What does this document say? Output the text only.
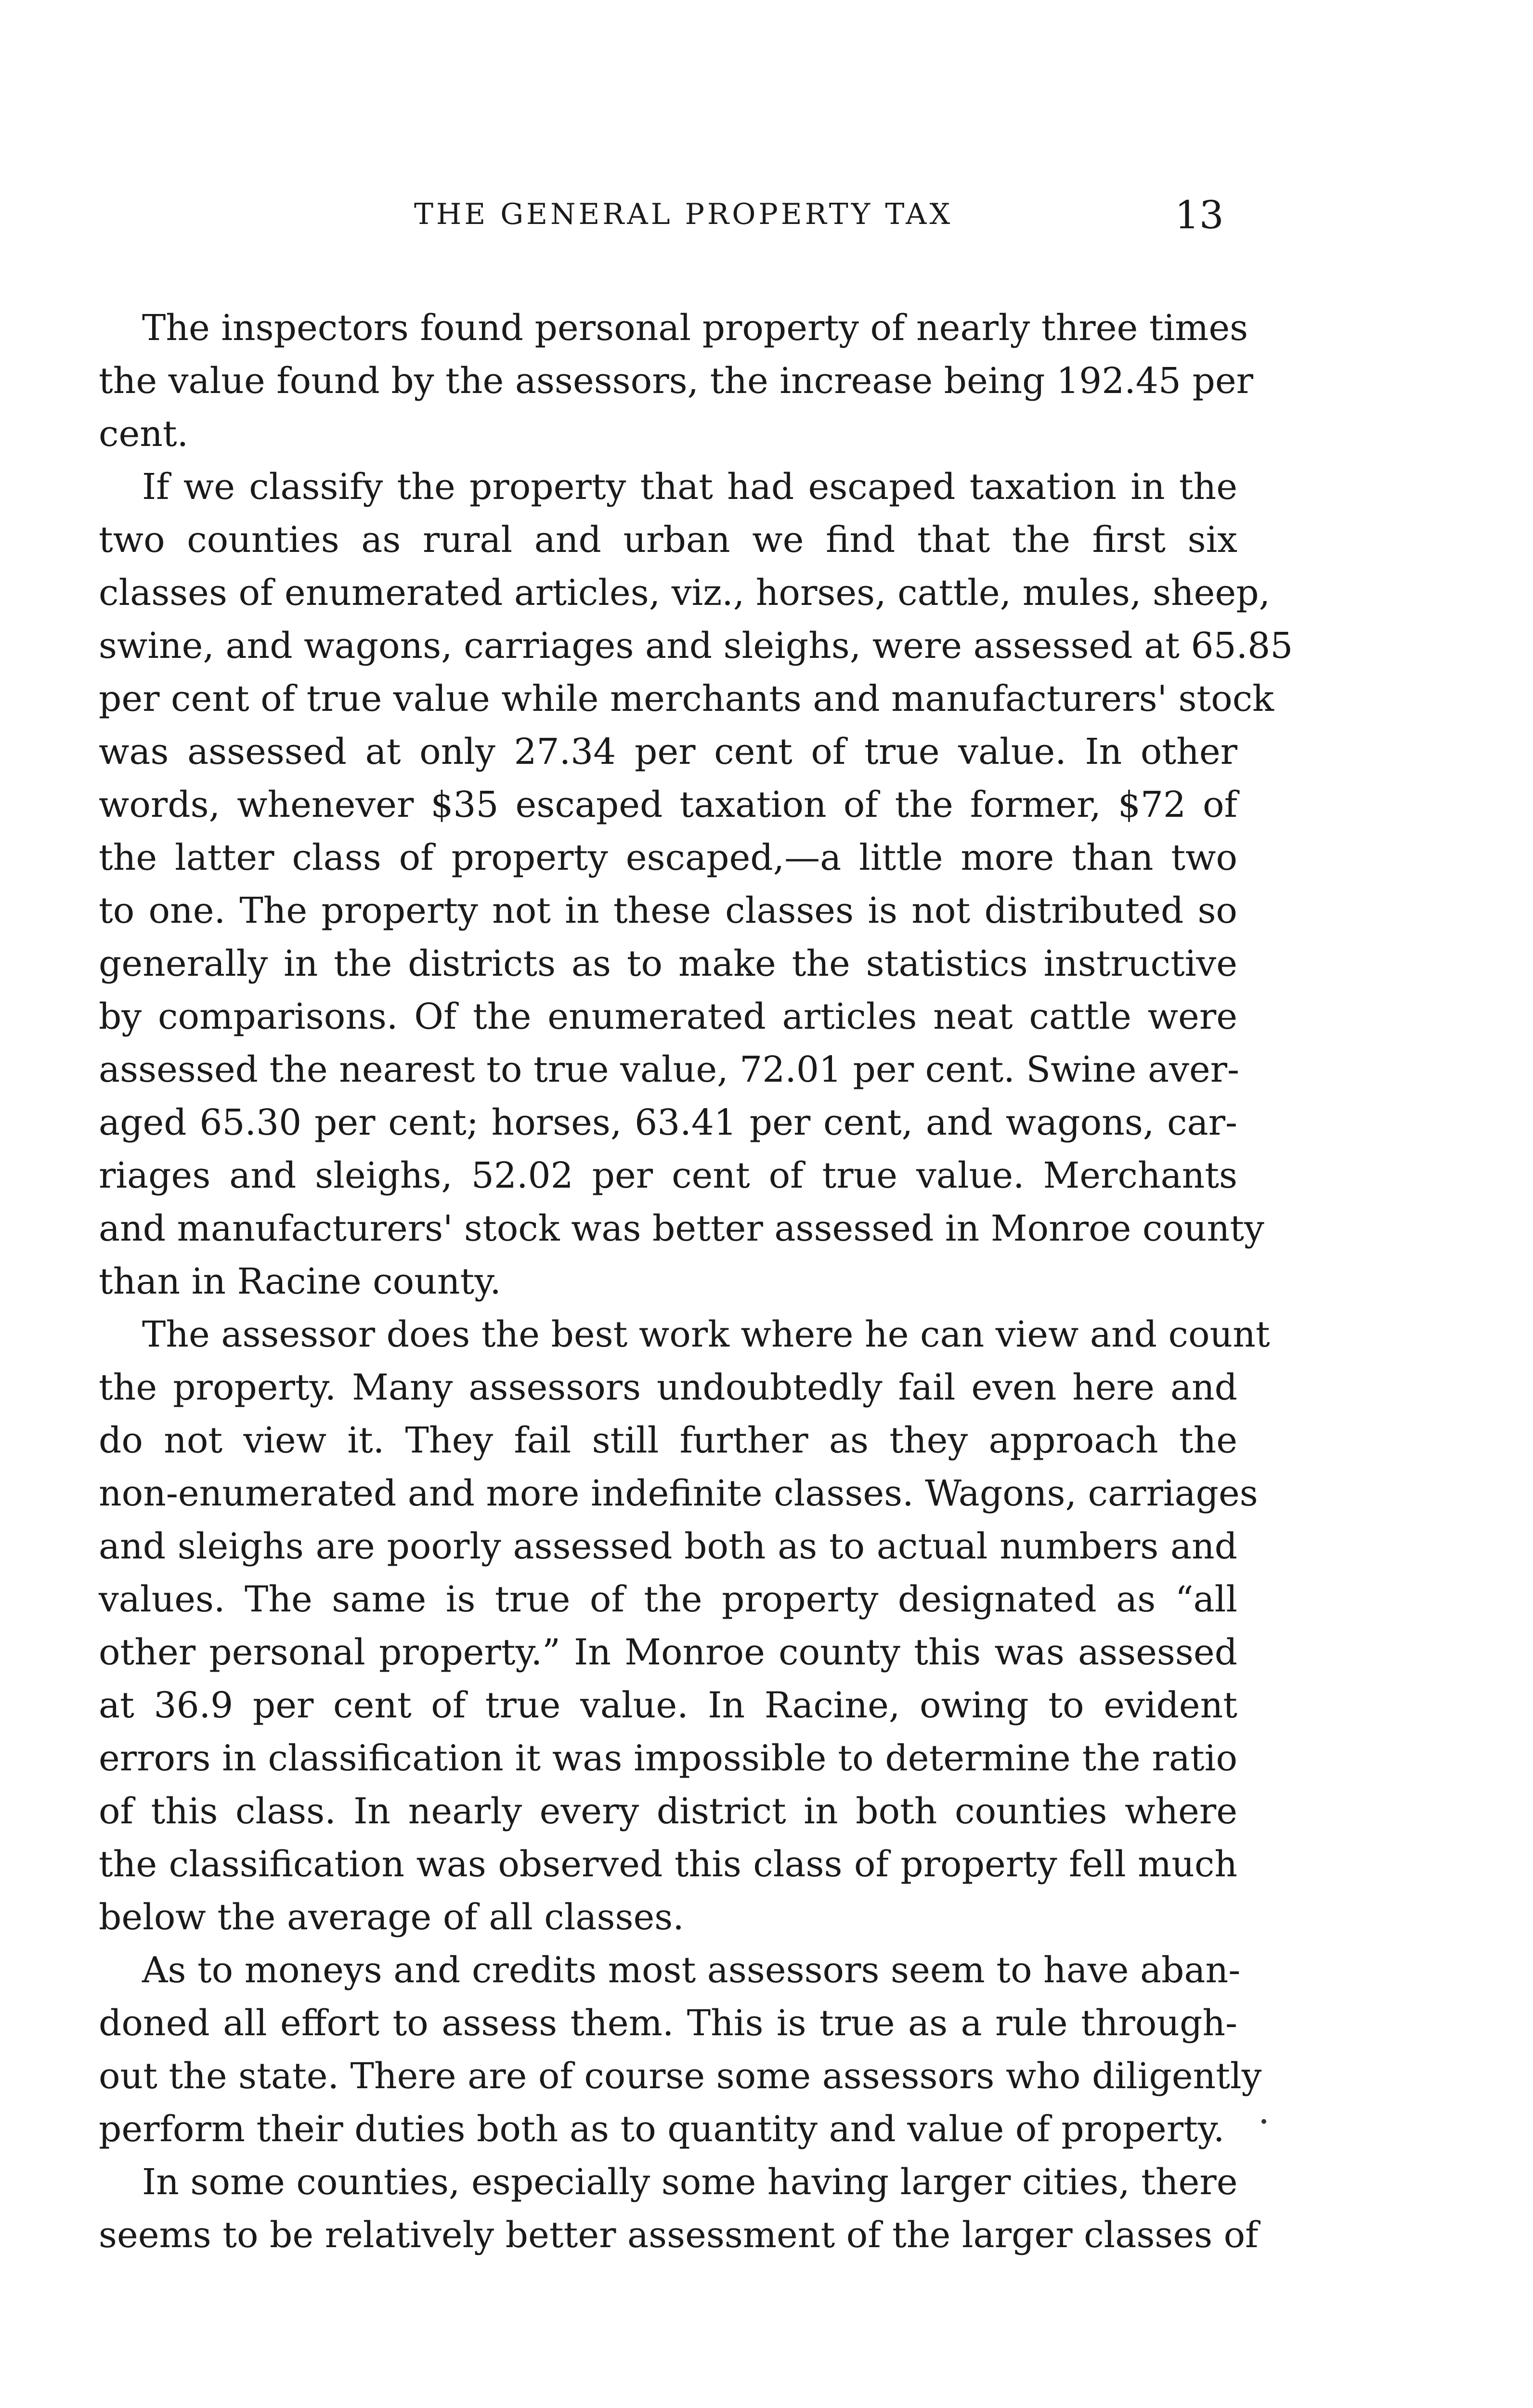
THE GENERAL PROPERTY TAX	13
The inspectors found personal property of nearly three times
the value found by the assessors, the increase being 192.45 per
cent.
If we classify the property that had escaped taxation in the
two counties as rural and urban we find that the first six
classes of enumerated articles, viz., horses, cattle, mules, sheep,
swine, and wagons, carriages and sleighs, were assessed at 65.85
per cent of true value while merchants and manufacturers' stock
was assessed at only 27.34 per cent of true value. In other
words, whenever $35 escaped taxation of the former, $72 of
the latter class of property escaped,—a little more than two
to one. The property not in these classes is not distributed so
generally in the districts as to make the statistics instructive
by comparisons. Of the enumerated articles neat cattle were
assessed the nearest to true value, 72.01 per cent. Swine aver-
aged 65.30 per cent; horses, 63.41 per cent, and wagons, car-
riages and sleighs, 52.02 per cent of true value. Merchants
and manufacturers' stock was better assessed in Monroe county
than in Racine county.
The assessor does the best work where he can view and count
the property. Many assessors undoubtedly fail even here and
do not view it. They fail still further as they approach the
non-enumerated and more indefinite classes. Wagons, carriages
and sleighs are poorly assessed both as to actual numbers and
values. The same is true of the property designated as “all
other personal property.” In Monroe county this was assessed
at 36.9 per cent of true value. In Racine, owing to evident
errors in classification it was impossible to determine the ratio
of this class. In nearly every district in both counties where
the classification was observed this class of property fell much
below the average of all classes.
As to moneys and credits most assessors seem to have aban-
doned all effort to assess them. This is true as a rule through-
out the state. There are of course some assessors who diligently
perform their duties both as to quantity and value of property.
In some counties, especially some having larger cities, there
seems to be relatively better assessment of the larger classes of
